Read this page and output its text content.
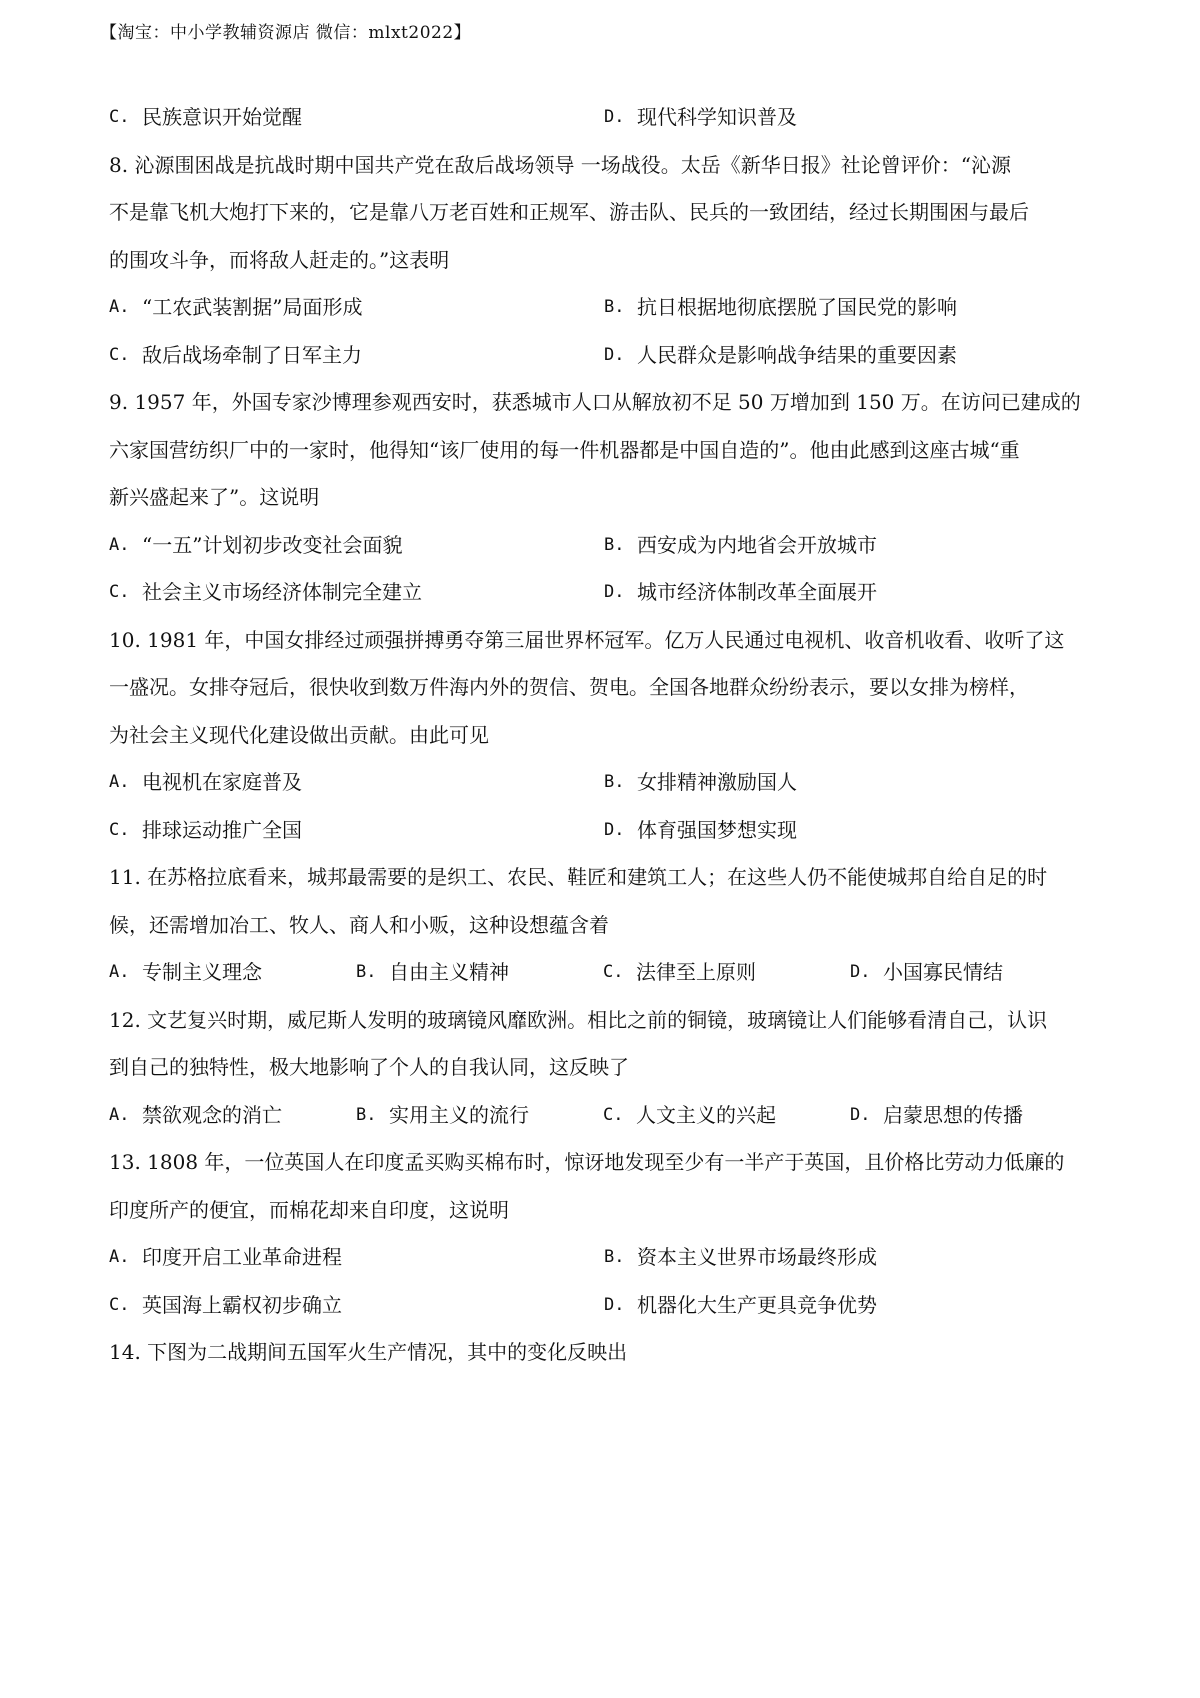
【淘宝：中小学教辅资源店 微信：mlxt2022】
C. 民族意识开始觉醒	D. 现代科学知识普及
8. 沁源围困战是抗战时期中国共产党在敌后战场领导 一场战役。太岳《新华日报》社论曾评价：“沁源
不是靠飞机大炮打下来的，它是靠八万老百姓和正规军、游击队、民兵的一致团结，经过长期围困与最后
的围攻斗争，而将敌人赶走的。”这表明
A. “工农武装割据”局面形成	B. 抗日根据地彻底摆脱了国民党的影响
C. 敌后战场牵制了日军主力	D. 人民群众是影响战争结果的重要因素
9. 1957 年，外国专家沙博理参观西安时，获悉城市人口从解放初不足 50 万增加到 150 万。在访问已建成的
六家国营纺织厂中的一家时，他得知“该厂使用的每一件机器都是中国自造的”。他由此感到这座古城“重
新兴盛起来了”。这说明
A. “一五”计划初步改变社会面貌	B. 西安成为内地省会开放城市
C. 社会主义市场经济体制完全建立	D. 城市经济体制改革全面展开
10. 1981 年，中国女排经过顽强拼搏勇夺第三届世界杯冠军。亿万人民通过电视机、收音机收看、收听了这
一盛况。女排夺冠后，很快收到数万件海内外的贺信、贺电。全国各地群众纷纷表示，要以女排为榜样，
为社会主义现代化建设做出贡献。由此可见
A. 电视机在家庭普及	B. 女排精神激励国人
C. 排球运动推广全国	D. 体育强国梦想实现
11. 在苏格拉底看来，城邦最需要的是织工、农民、鞋匠和建筑工人；在这些人仍不能使城邦自给自足的时
候，还需增加冶工、牧人、商人和小贩，这种设想蕴含着
A. 专制主义理念	B. 自由主义精神	C. 法律至上原则	D. 小国寡民情结
12. 文艺复兴时期，威尼斯人发明的玻璃镜风靡欧洲。相比之前的铜镜，玻璃镜让人们能够看清自己，认识
到自己的独特性，极大地影响了个人的自我认同，这反映了
A. 禁欲观念的消亡	B. 实用主义的流行	C. 人文主义的兴起	D. 启蒙思想的传播
13. 1808 年，一位英国人在印度孟买购买棉布时，惊讶地发现至少有一半产于英国，且价格比劳动力低廉的
印度所产的便宜，而棉花却来自印度，这说明
A. 印度开启工业革命进程	B. 资本主义世界市场最终形成
C. 英国海上霸权初步确立	D. 机器化大生产更具竞争优势
14. 下图为二战期间五国军火生产情况，其中的变化反映出
